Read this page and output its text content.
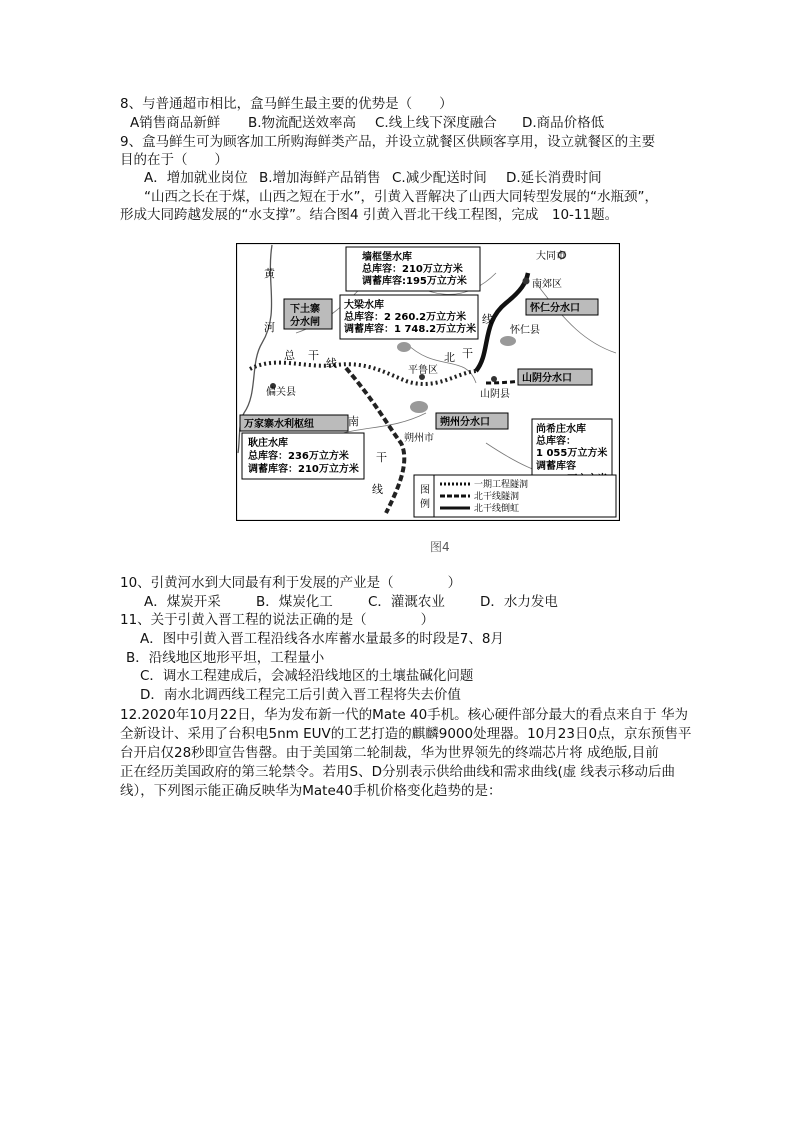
8、与普通超市相比，盒马鲜生最主要的优势是（　　）
A销售商品新鲜 B.物流配送效率高 C.线上线下深度融合 D.商品价格低
9、盒马鲜生可为顾客加工所购海鲜类产品，并设立就餐区供顾客享用，设立就餐区的主要
目的在于（　　）
A．增加就业岗位 B.增加海鲜产品销售 C.减少配送时间 D.延长消费时间
“山西之长在于煤，山西之短在于水”，引黄入晋解决了山西大同转型发展的“水瓶颈”，
形成大同跨越发展的“水支撑”。结合图4 引黄入晋北干线工程图，完成　10-11题。
黄
河
总 干
线
偏关县
南
干
线
平鲁区
北 干
线
朔州市
山阴县
怀仁县
大同市
南郊区
墙框堡水库
总库容：210万立方米
调蓄库容:195万立方米
大梁水库
总库容：2 260.2万立方米
调蓄库容：1 748.2万立方米
耿庄水库
总库容：236万立方米
调蓄库容：210万立方米
尚希庄水库
总库容：
1 055万立方米
调蓄库容
下土寨
分水闸
万家寨水利枢纽
怀仁分水口
山阴分水口
朔州分水口
图
例
一期工程隧洞
北干线隧洞
北干线倒虹
图4
10、引黄河水到大同最有利于发展的产业是（　　　　）
A．煤炭开采	B．煤炭化工	C．灌溉农业	D．水力发电
11、关于引黄入晋工程的说法正确的是（　　　　）
A．图中引黄入晋工程沿线各水库蓄水量最多的时段是7、8月
B．沿线地区地形平坦，工程量小
C．调水工程建成后，会减轻沿线地区的土壤盐碱化问题
D．南水北调西线工程完工后引黄入晋工程将失去价值
12.2020年10月22日，华为发布新一代的Mate 40手机。核心硬件部分最大的看点来自于 华为
全新设计、采用了台积电5nm EUV的工艺打造的麒麟9000处理器。10月23日0点，京东预售平
台开启仅28秒即宣告售罄。由于美国第二轮制裁，华为世界领先的终端芯片将 成绝版,目前
正在经历美国政府的第三轮禁令。若用S、D分别表示供给曲线和需求曲线(虚 线表示移动后曲
线），下列图示能正确反映华为Mate40手机价格变化趋势的是：
